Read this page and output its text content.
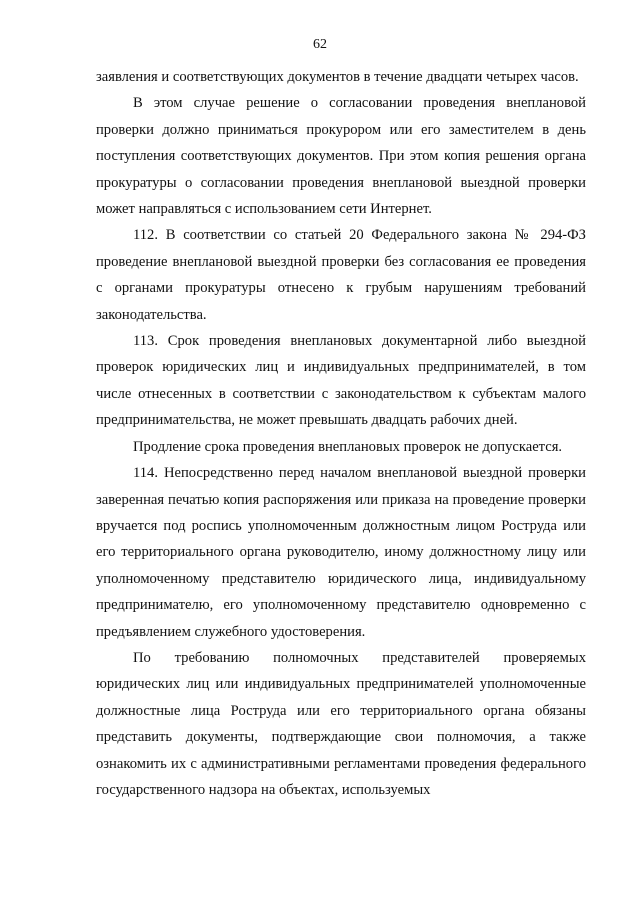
62

заявления и соответствующих документов в течение двадцати четырех часов.

В этом случае решение о согласовании проведения внеплановой проверки должно приниматься прокурором или его заместителем в день поступления соответствующих документов. При этом копия решения органа прокуратуры о согласовании проведения внеплановой выездной проверки может направляться с использованием сети Интернет.

112. В соответствии со статьей 20 Федерального закона № 294-ФЗ проведение внеплановой выездной проверки без согласования ее проведения с органами прокуратуры отнесено к грубым нарушениям требований законодательства.

113. Срок проведения внеплановых документарной либо выездной проверок юридических лиц и индивидуальных предпринимателей, в том числе отнесенных в соответствии с законодательством к субъектам малого предпринимательства, не может превышать двадцать рабочих дней.

Продление срока проведения внеплановых проверок не допускается.

114. Непосредственно перед началом внеплановой выездной проверки заверенная печатью копия распоряжения или приказа на проведение проверки вручается под роспись уполномоченным должностным лицом Роструда или его территориального органа руководителю, иному должностному лицу или уполномоченному представителю юридического лица, индивидуальному предпринимателю, его уполномоченному представителю одновременно с предъявлением служебного удостоверения.

По требованию полномочных представителей проверяемых юридических лиц или индивидуальных предпринимателей уполномоченные должностные лица Роструда или его территориального органа обязаны представить документы, подтверждающие свои полномочия, а также ознакомить их с административными регламентами проведения федерального государственного надзора на объектах, используемых
